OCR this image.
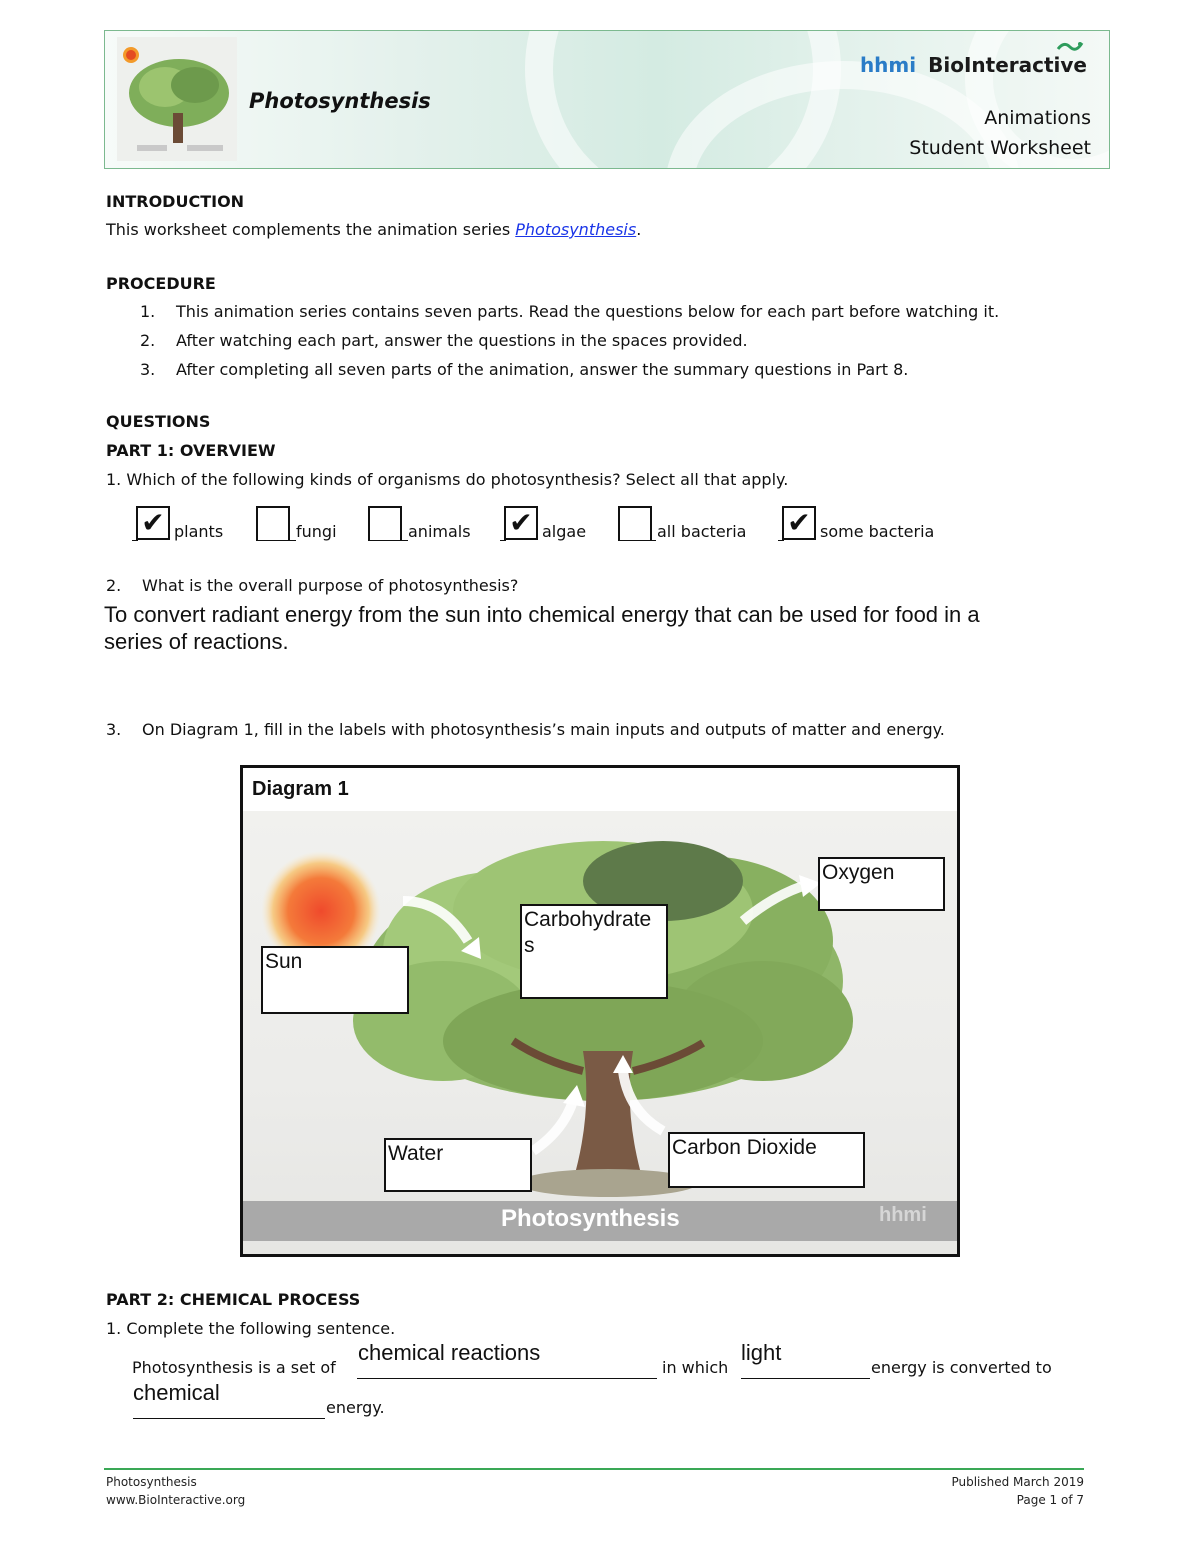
Photosynthesis
hhmi BioInteractive
Animations
Student Worksheet
INTRODUCTION
This worksheet complements the animation series Photosynthesis.
PROCEDURE
1. This animation series contains seven parts. Read the questions below for each part before watching it.
2. After watching each part, answer the questions in the spaces provided.
3. After completing all seven parts of the animation, answer the summary questions in Part 8.
QUESTIONS
PART 1: OVERVIEW
1. Which of the following kinds of organisms do photosynthesis? Select all that apply.
✔ plants	fungi	animals ✔ algae	all bacteria ✔ some bacteria
2. What is the overall purpose of photosynthesis?
To convert radiant energy from the sun into chemical energy that can be used for food in a
series of reactions.
3. On Diagram 1, fill in the labels with photosynthesis’s main inputs and outputs of matter and energy.
Diagram 1
Photosynthesis	hhmi
Sun
Carbohydrate
s
Oxygen
Water	Carbon Dioxide
PART 2: CHEMICAL PROCESS
1. Complete the following sentence.
Photosynthesis is a set of
chemical reactions
in which
light
energy is converted to
chemical
energy.
Photosynthesis
www.BioInteractive.org
Published March 2019
Page 1 of 7
